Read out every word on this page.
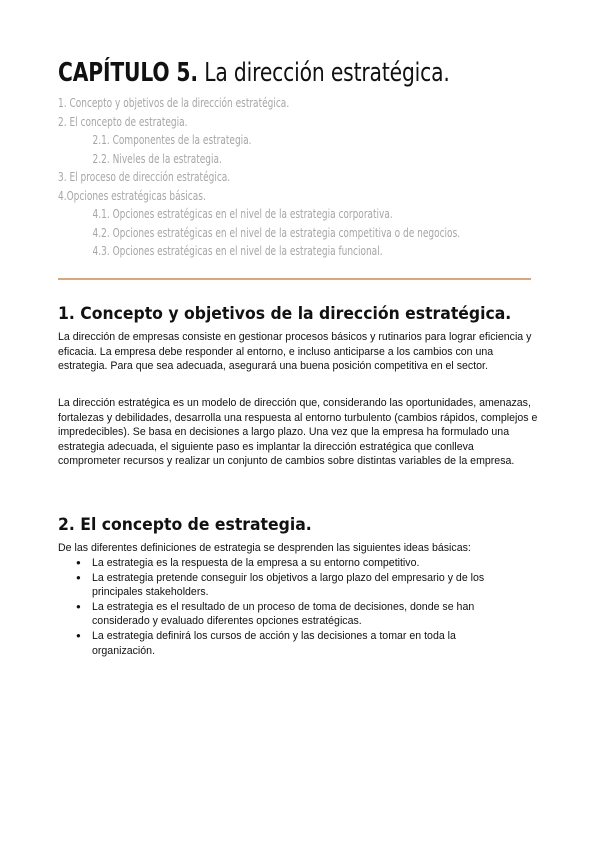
CAPÍTULO 5. La dirección estratégica.
1. Concepto y objetivos de la dirección estratégica.
2. El concepto de estrategia.
2.1. Componentes de la estrategia.
2.2. Niveles de la estrategia.
3. El proceso de dirección estratégica.
4.Opciones estratégicas básicas.
4.1. Opciones estratégicas en el nivel de la estrategia corporativa.
4.2. Opciones estratégicas en el nivel de la estrategia competitiva o de negocios.
4.3. Opciones estratégicas en el nivel de la estrategia funcional.
1. Concepto y objetivos de la dirección estratégica.

La dirección de empresas consiste en gestionar procesos básicos y rutinarios para lograr eficiencia y eficacia. La empresa debe responder al entorno, e incluso anticiparse a los cambios con una estrategia. Para que sea adecuada, asegurará una buena posición competitiva en el sector.

La dirección estratégica es un modelo de dirección que, considerando las oportunidades, amenazas, fortalezas y debilidades, desarrolla una respuesta al entorno turbulento (cambios rápidos, complejos e impredecibles). Se basa en decisiones a largo plazo. Una vez que la empresa ha formulado una estrategia adecuada, el siguiente paso es implantar la dirección estratégica que conlleva comprometer recursos y realizar un conjunto de cambios sobre distintas variables de la empresa.

2. El concepto de estrategia.

De las diferentes definiciones de estrategia se desprenden las siguientes ideas básicas:

● La estrategia es la respuesta de la empresa a su entorno competitivo.
● La estrategia pretende conseguir los objetivos a largo plazo del empresario y de los principales stakeholders.
● La estrategia es el resultado de un proceso de toma de decisiones, donde se han considerado y evaluado diferentes opciones estratégicas.
● La estrategia definirá los cursos de acción y las decisiones a tomar en toda la organización.
